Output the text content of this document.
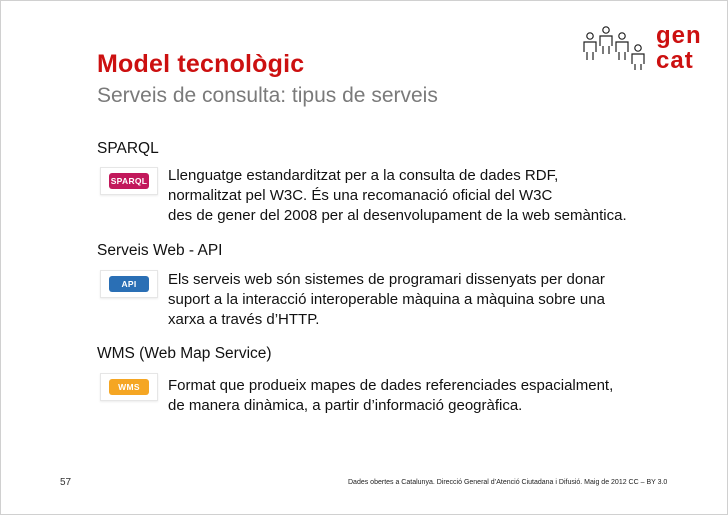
gen
cat
Model tecnològic
Serveis de consulta: tipus de serveis
SPARQL
SPARQL Llenguatge estandarditzat per a la consulta de dades RDF,
normalitzat pel W3C. És una recomanació oficial del W3C
des de gener del 2008 per al desenvolupament de la web semàntica.
Serveis Web - API
API	Els serveis web són sistemes de programari dissenyats per donar
suport a la interacció interoperable màquina a màquina sobre una
xarxa a través d’HTTP.
WMS (Web Map Service)
WMS	Format que produeix mapes de dades referenciades espacialment,
de manera dinàmica, a partir d’informació geogràfica.
57	Dades obertes a Catalunya. Direcció General d’Atenció Ciutadana i Difusió. Maig de 2012 CC – BY 3.0
